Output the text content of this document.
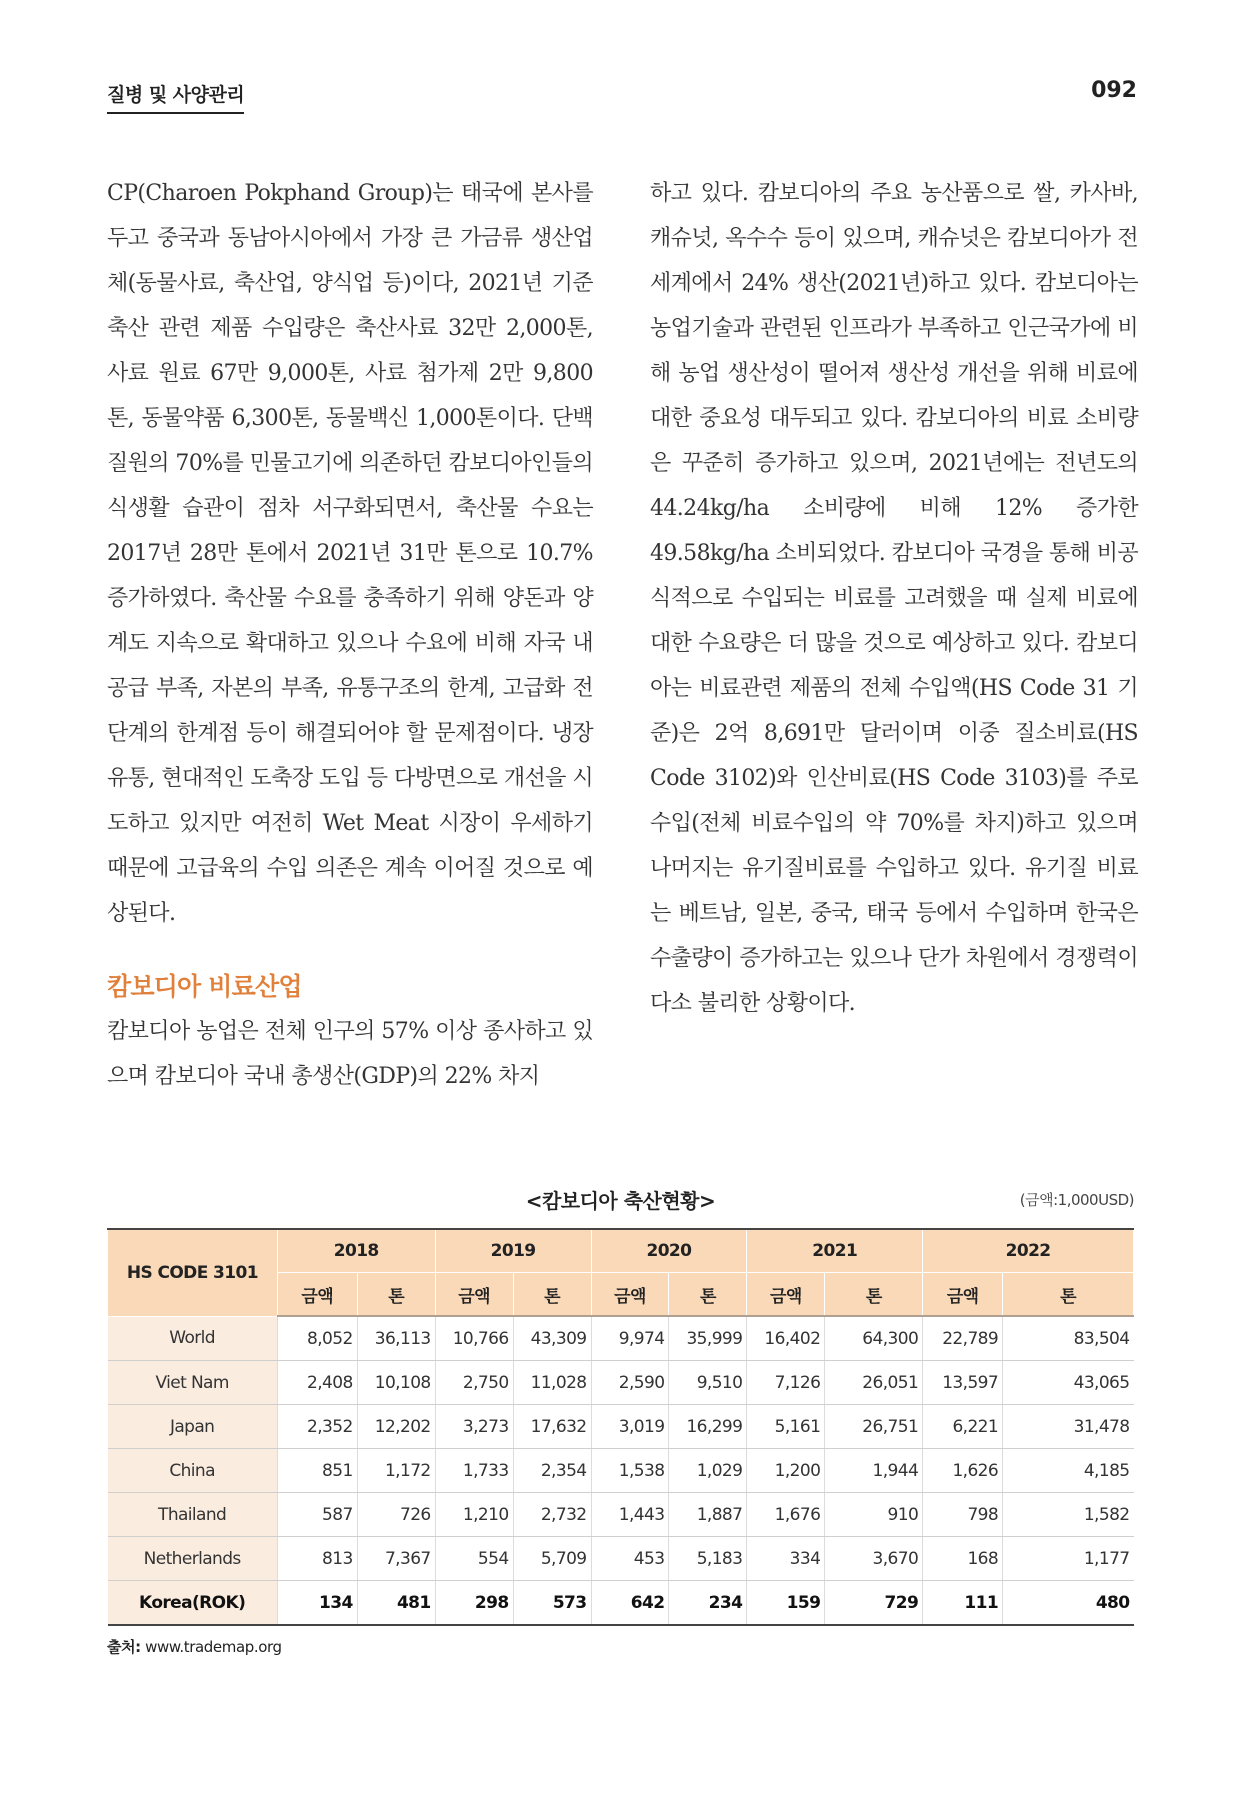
질병 및 사양관리	092

CP(Charoen Pokphand Group)는 태국에 본사를 두고 중국과 동남아시아에서 가장 큰 가금류 생산업체(동물사료, 축산업, 양식업 등)이다, 2021년 기준 축산 관련 제품 수입량은 축산사료 32만 2,000톤, 사료 원료 67만 9,000톤, 사료 첨가제 2만 9,800톤, 동물약품 6,300톤, 동물백신 1,000톤이다. 단백질원의 70%를 민물고기에 의존하던 캄보디아인들의 식생활 습관이 점차 서구화되면서, 축산물 수요는 2017년 28만 톤에서 2021년 31만 톤으로 10.7% 증가하였다. 축산물 수요를 충족하기 위해 양돈과 양계도 지속으로 확대하고 있으나 수요에 비해 자국 내 공급 부족, 자본의 부족, 유통구조의 한계, 고급화 전 단계의 한계점 등이 해결되어야 할 문제점이다. 냉장 유통, 현대적인 도축장 도입 등 다방면으로 개선을 시도하고 있지만 여전히 Wet Meat 시장이 우세하기 때문에 고급육의 수입 의존은 계속 이어질 것으로 예상된다.

캄보디아 비료산업

캄보디아 농업은 전체 인구의 57% 이상 종사하고 있으며 캄보디아 국내 총생산(GDP)의 22% 차지

하고 있다. 캄보디아의 주요 농산품으로 쌀, 카사바, 캐슈넛, 옥수수 등이 있으며, 캐슈넛은 캄보디아가 전 세계에서 24% 생산(2021년)하고 있다. 캄보디아는 농업기술과 관련된 인프라가 부족하고 인근국가에 비해 농업 생산성이 떨어져 생산성 개선을 위해 비료에 대한 중요성 대두되고 있다. 캄보디아의 비료 소비량은 꾸준히 증가하고 있으며, 2021년에는 전년도의 44.24kg/ha 소비량에 비해 12% 증가한 49.58kg/ha 소비되었다. 캄보디아 국경을 통해 비공식적으로 수입되는 비료를 고려했을 때 실제 비료에 대한 수요량은 더 많을 것으로 예상하고 있다. 캄보디아는 비료관련 제품의 전체 수입액(HS Code 31 기준)은 2억 8,691만 달러이며 이중 질소비료(HS Code 3102)와 인산비료(HS Code 3103)를 주로 수입(전체 비료수입의 약 70%를 차지)하고 있으며 나머지는 유기질비료를 수입하고 있다. 유기질 비료는 베트남, 일본, 중국, 태국 등에서 수입하며 한국은 수출량이 증가하고는 있으나 단가 차원에서 경쟁력이 다소 불리한 상황이다.

<캄보디아 축산현황>	(금액:1,000USD)
HS CODE 3101	2018		2019		2020		2021		2022	
	금액	톤	금액	톤	금액	톤	금액	톤	금액	톤
World	8,052	36,113	10,766	43,309	9,974	35,999	16,402	64,300	22,789	83,504
Viet Nam	2,408	10,108	2,750	11,028	2,590	9,510	7,126	26,051	13,597	43,065
Japan	2,352	12,202	3,273	17,632	3,019	16,299	5,161	26,751	6,221	31,478
China	851	1,172	1,733	2,354	1,538	1,029	1,200	1,944	1,626	4,185
Thailand	587	726	1,210	2,732	1,443	1,887	1,676	910	798	1,582
Netherlands	813	7,367	554	5,709	453	5,183	334	3,670	168	1,177
Korea(ROK)	134	481	298	573	642	234	159	729	111	480
출처: www.trademap.org
